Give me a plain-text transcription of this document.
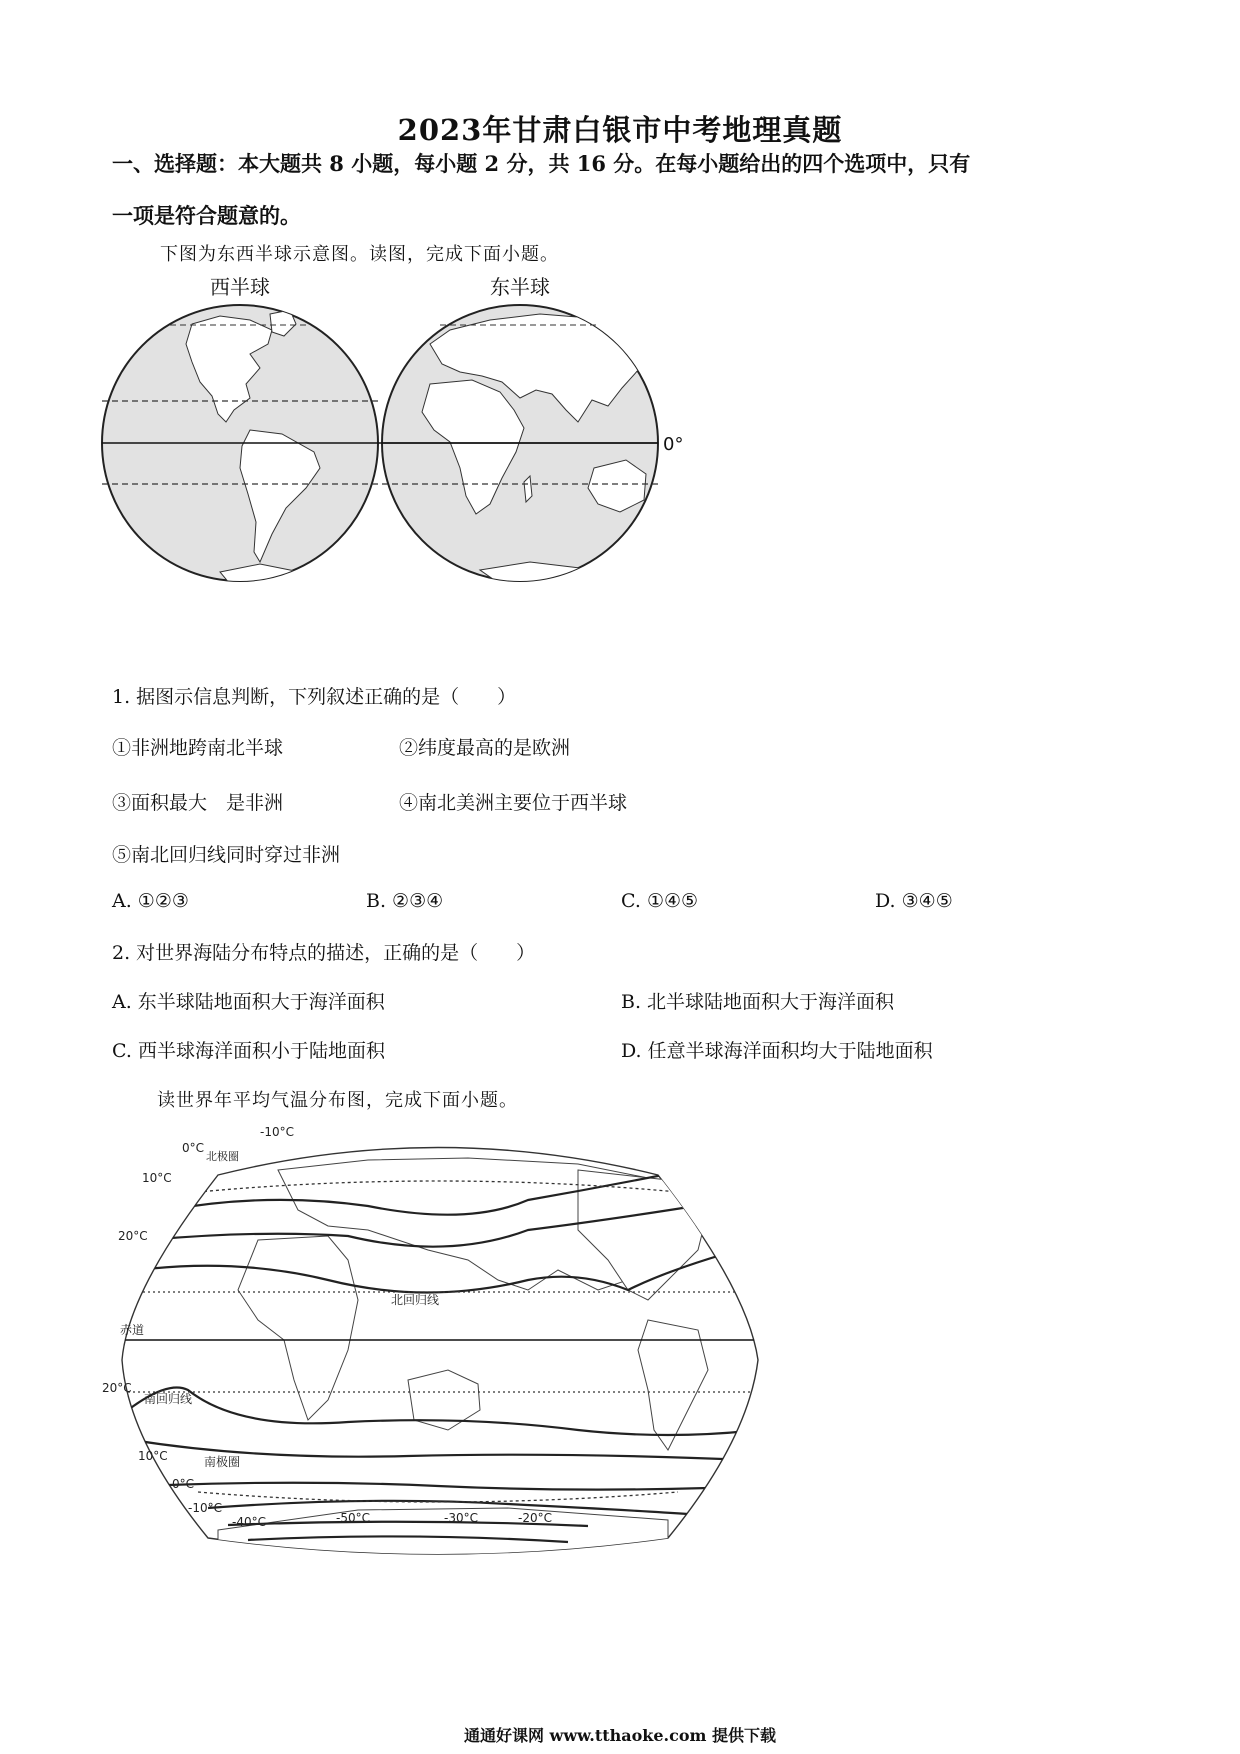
2023年甘肃白银市中考地理真题
一、选择题：本大题共 8 小题，每小题 2 分，共 16 分。在每小题给出的四个选项中，只有
一项是符合题意的。
下图为东西半球示意图。读图，完成下面小题。
西半球	东半球
0°
1. 据图示信息判断，下列叙述正确的是（　　）
①非洲地跨南北半球	②纬度最高的是欧洲
③面积最大　是非洲	④南北美洲主要位于西半球
⑤南北回归线同时穿过非洲
A. ①②③	B. ②③④	C. ①④⑤	D. ③④⑤
2. 对世界海陆分布特点的描述，正确的是（　　）
A. 东半球陆地面积大于海洋面积	B. 北半球陆地面积大于海洋面积
C. 西半球海洋面积小于陆地面积	D. 任意半球海洋面积均大于陆地面积
读世界年平均气温分布图，完成下面小题。
-10°C
0°C
北极圈
10°C
20°C
北回归线
赤道
20°C
南回归线
10°C	南极圈
0°C
-10°C
-40°C	-50°C	-30°C	-20°C
通通好课网 www.tthaoke.com 提供下载
